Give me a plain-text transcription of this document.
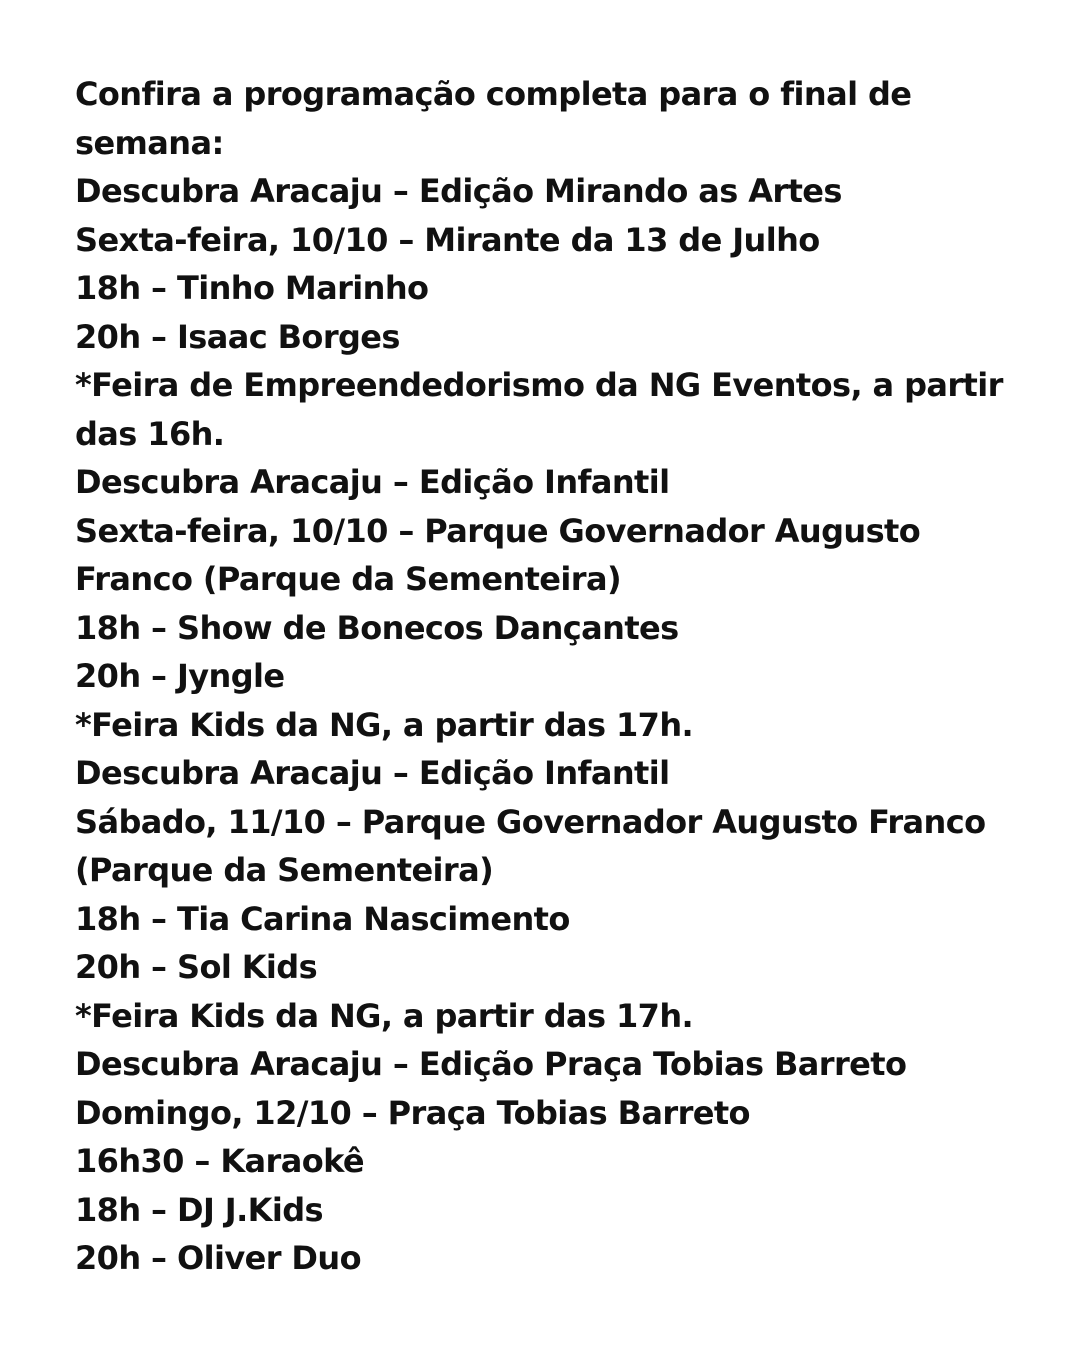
Confira a programação completa para o final de
semana:
Descubra Aracaju – Edição Mirando as Artes
Sexta-feira, 10/10 – Mirante da 13 de Julho
18h – Tinho Marinho
20h – Isaac Borges
*Feira de Empreendedorismo da NG Eventos, a partir
das 16h.
Descubra Aracaju – Edição Infantil
Sexta-feira, 10/10 – Parque Governador Augusto
Franco (Parque da Sementeira)
18h – Show de Bonecos Dançantes
20h – Jyngle
*Feira Kids da NG, a partir das 17h.
Descubra Aracaju – Edição Infantil
Sábado, 11/10 – Parque Governador Augusto Franco
(Parque da Sementeira)
18h – Tia Carina Nascimento
20h – Sol Kids
*Feira Kids da NG, a partir das 17h.
Descubra Aracaju – Edição Praça Tobias Barreto
Domingo, 12/10 – Praça Tobias Barreto
16h30 – Karaokê
18h – DJ J.Kids
20h – Oliver Duo
